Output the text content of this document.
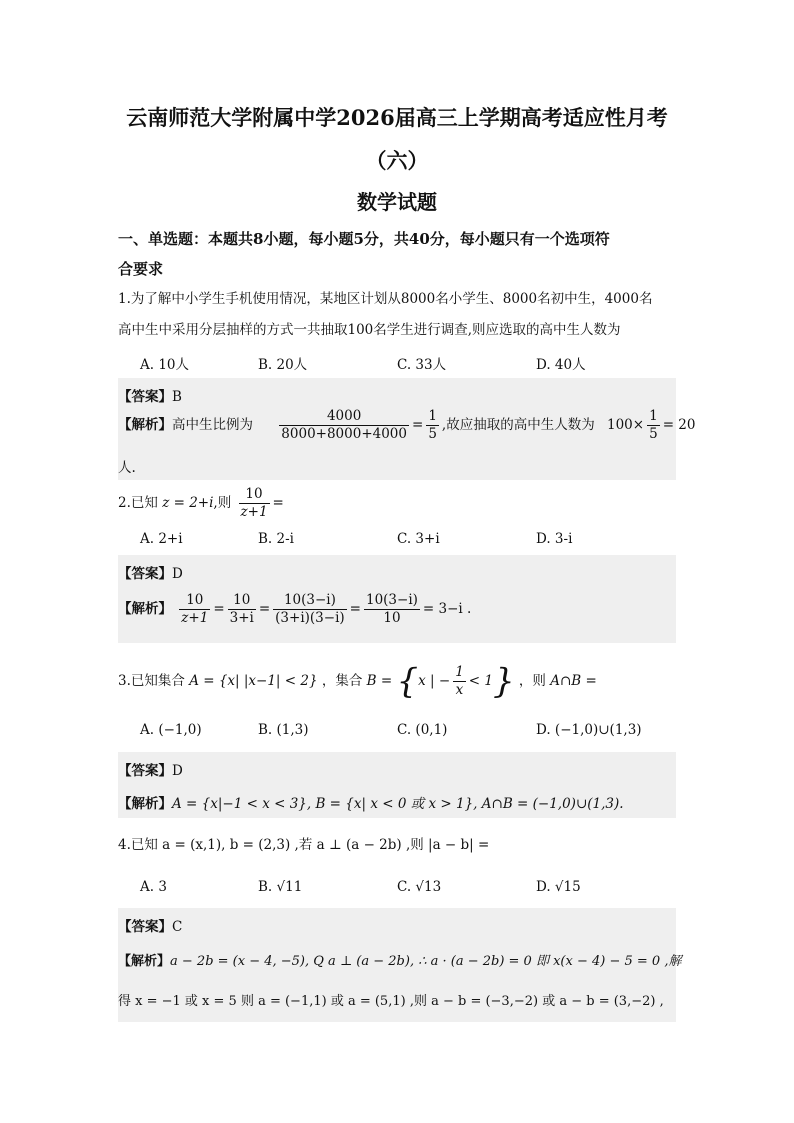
云南师范大学附属中学2026届高三上学期高考适应性月考
（六）
数学试题
一、单选题：本题共8小题，每小题5分，共40分，每小题只有一个选项符
合要求
1.为了解中小学生手机使用情况，某地区计划从8000名小学生、8000名初中生，4000名
高中生中采用分层抽样的方式一共抽取100名学生进行调查,则应选取的高中生人数为
A. 10人	B. 20人	C. 33人	D. 40人
【答案】B
【解析】高中生比例为 $\frac{4000}{8000+8000+4000} = \frac{1}{5}$ ,故应抽取的高中生人数为 $100\times \frac{1}{5} = 20$
人.
2.已知 z = 2+i,则 $\frac{10}{z+1}$ =
A. 2+i	B. 2-i	C. 3+i	D. 3-i
【答案】D
【解析】 $\frac{10}{z+1} = \frac{10}{3+i} = \frac{10(3-i)}{(3+i)(3-i)} = \frac{10(3-i)}{10} = 3-i$ .
3.已知集合 A = {x| |x−1| < 2} ，集合 B = {x | − $\frac{1}{x} < 1$} ，则 A∩B =
A. (−1,0)	B. (1,3)	C. (0,1)	D. (−1,0)∪(1,3)
【答案】D
【解析】A = {x|−1 < x < 3}, B = {x| x < 0 或 x > 1}, A∩B = (−1,0)∪(1,3).
4.已知 a = (x,1), b = (2,3) ,若 a ⊥ (a − 2b) ,则 |a − b| =
A. 3	B. √11	C. √13	D. √15
【答案】C
【解析】a − 2b = (x − 4, −5), Q a ⊥ (a − 2b), ∴ a · (a − 2b) = 0 即 x(x − 4) − 5 = 0 ,解
得 x = −1 或 x = 5 则 a = (−1,1) 或 a = (5,1) ,则 a − b = (−3,−2) 或 a − b = (3,−2) ,
